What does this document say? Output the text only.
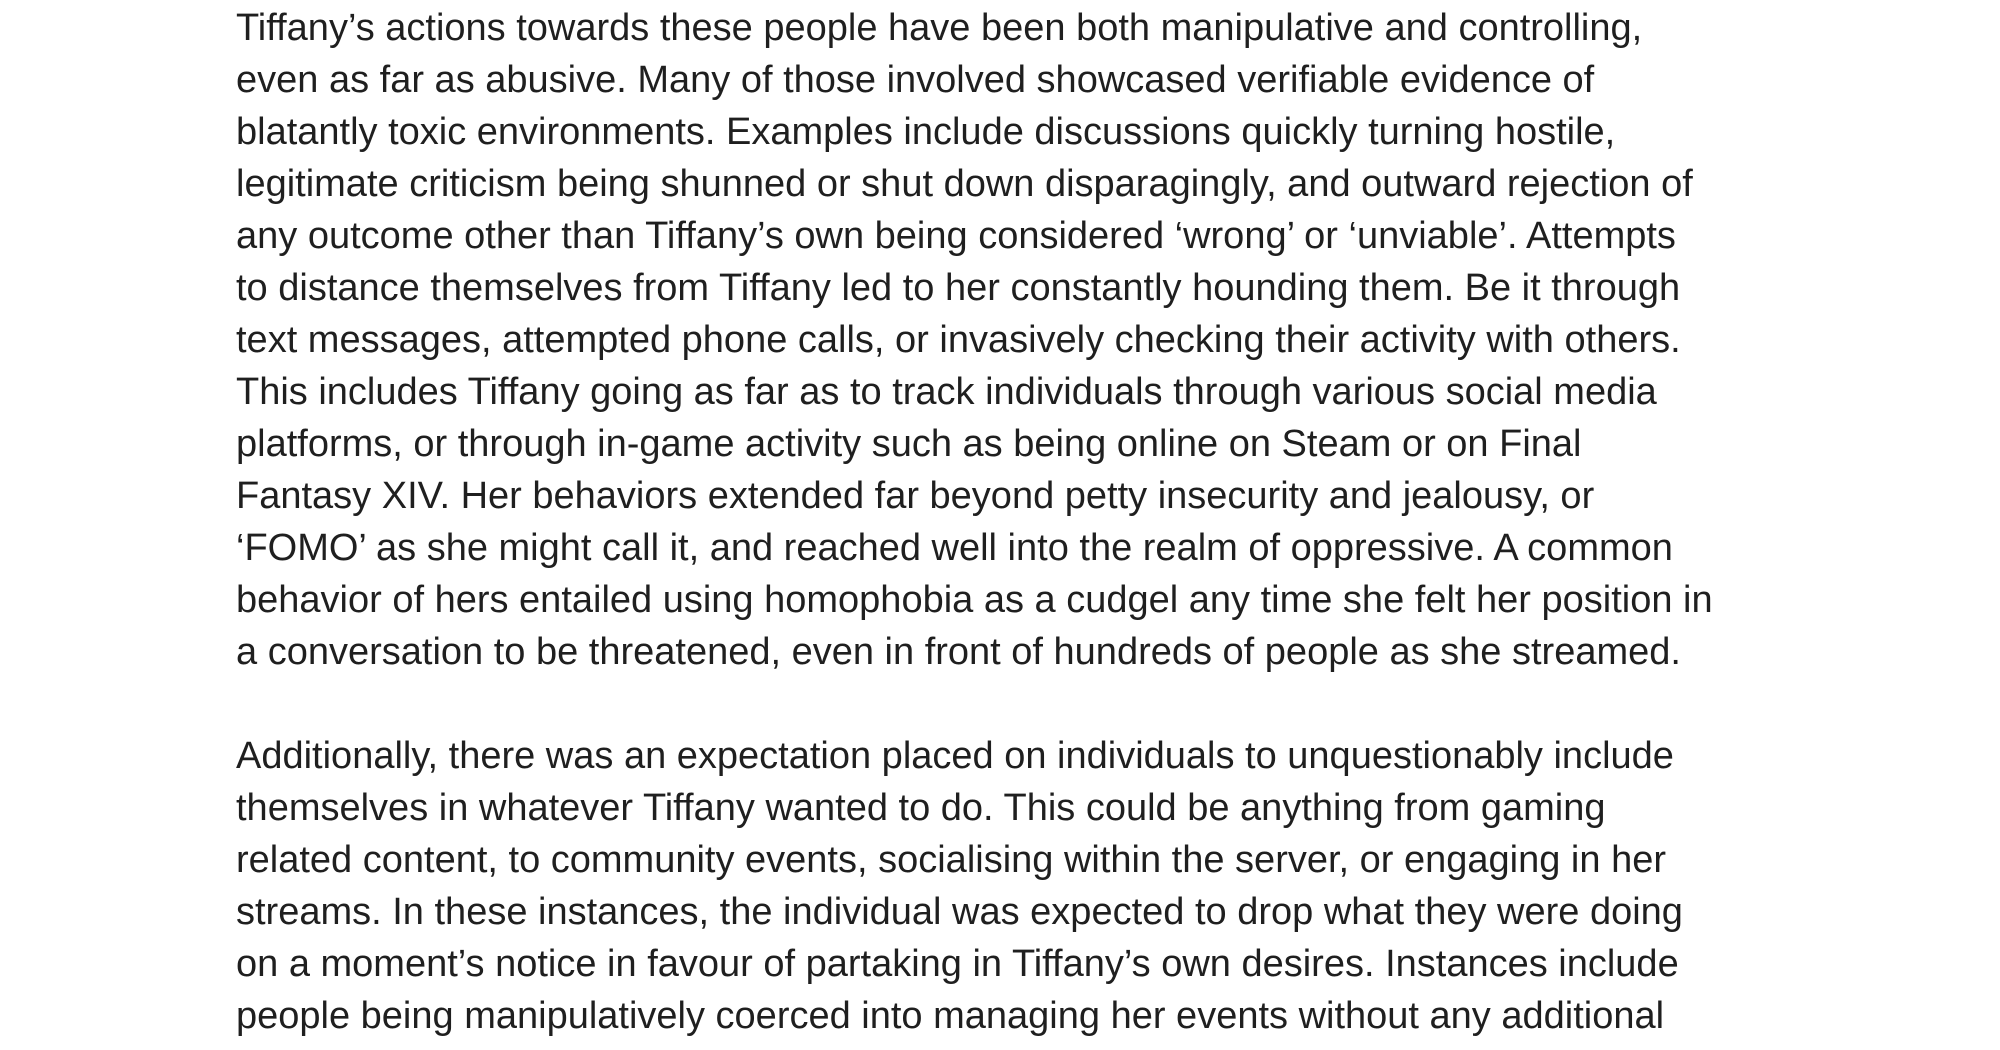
Tiffany’s actions towards these people have been both manipulative and controlling,
even as far as abusive. Many of those involved showcased verifiable evidence of
blatantly toxic environments. Examples include discussions quickly turning hostile,
legitimate criticism being shunned or shut down disparagingly, and outward rejection of
any outcome other than Tiffany’s own being considered ‘wrong’ or ‘unviable’. Attempts
to distance themselves from Tiffany led to her constantly hounding them. Be it through
text messages, attempted phone calls, or invasively checking their activity with others.
This includes Tiffany going as far as to track individuals through various social media
platforms, or through in-game activity such as being online on Steam or on Final
Fantasy XIV. Her behaviors extended far beyond petty insecurity and jealousy, or
‘FOMO’ as she might call it, and reached well into the realm of oppressive. A common
behavior of hers entailed using homophobia as a cudgel any time she felt her position in
a conversation to be threatened, even in front of hundreds of people as she streamed.

Additionally, there was an expectation placed on individuals to unquestionably include
themselves in whatever Tiffany wanted to do. This could be anything from gaming
related content, to community events, socialising within the server, or engaging in her
streams. In these instances, the individual was expected to drop what they were doing
on a moment’s notice in favour of partaking in Tiffany’s own desires. Instances include
people being manipulatively coerced into managing her events without any additional
